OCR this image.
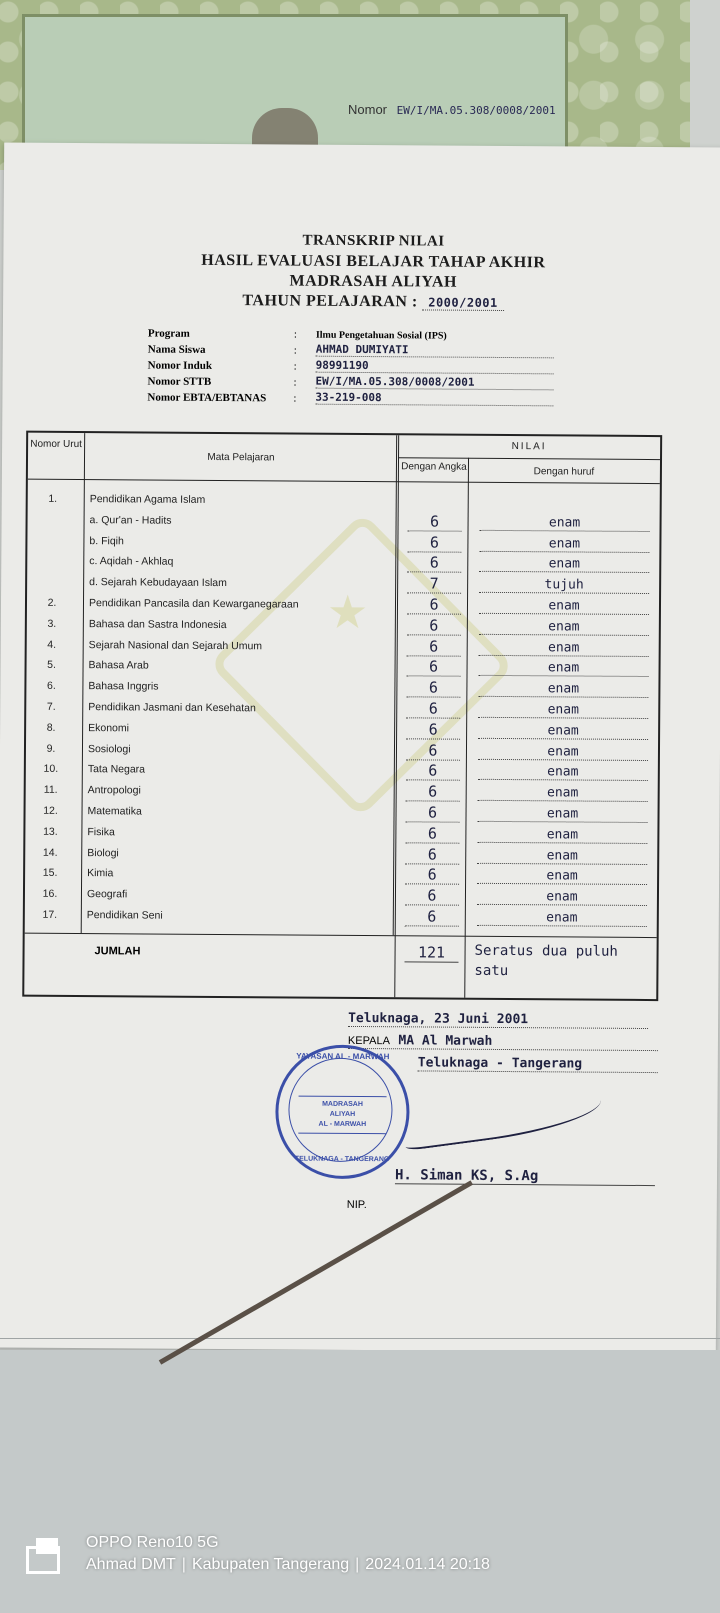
Nomor EW/I/MA.05.308/0008/2001
TRANSKRIP NILAI
HASIL EVALUASI BELAJAR TAHAP AKHIR
MADRASAH ALIYAH
TAHUN PELAJARAN : 2000/2001
Program	:	Ilmu Pengetahuan Sosial (IPS)
Nama Siswa	:	AHMAD DUMIYATI
Nomor Induk	:	98991190
Nomor STTB	:	EW/I/MA.05.308/0008/2001
Nomor EBTA/EBTANAS	:	33-219-008
★
Nomor Urut
Mata Pelajaran
NILAI
Dengan Angka	Dengan huruf
1.	Pendidikan Agama Islam
a. Qur'an - Hadits	6	enam
b. Fiqih	6	enam
c. Aqidah - Akhlaq	6	enam
d. Sejarah Kebudayaan Islam	7	tujuh
2.	Pendidikan Pancasila dan Kewarganegaraan	6	enam
3.	Bahasa dan Sastra Indonesia	6	enam
4.	Sejarah Nasional dan Sejarah Umum	6	enam
5.	Bahasa Arab	6	enam
6.	Bahasa Inggris	6	enam
7.	Pendidikan Jasmani dan Kesehatan	6	enam
8.	Ekonomi	6	enam
9.	Sosiologi	6	enam
10.	Tata Negara	6	enam
11.	Antropologi	6	enam
12.	Matematika	6	enam
13.	Fisika	6	enam
14.	Biologi	6	enam
15.	Kimia	6	enam
16.	Geografi	6	enam
17.	Pendidikan Seni	6	enam
JUMLAH	121	Seratus dua puluh satu
Teluknaga, 23 Juni 2001
KEPALA MA Al Marwah
Teluknaga - Tangerang
YAYASAN AL - MARWAH
MADRASAH
ALIYAH
AL - MARWAH
TELUKNAGA - TANGERANG
H. Siman KS, S.Ag
NIP.
OPPO Reno10 5G
Ahmad DMT | Kabupaten Tangerang | 2024.01.14 20:18
